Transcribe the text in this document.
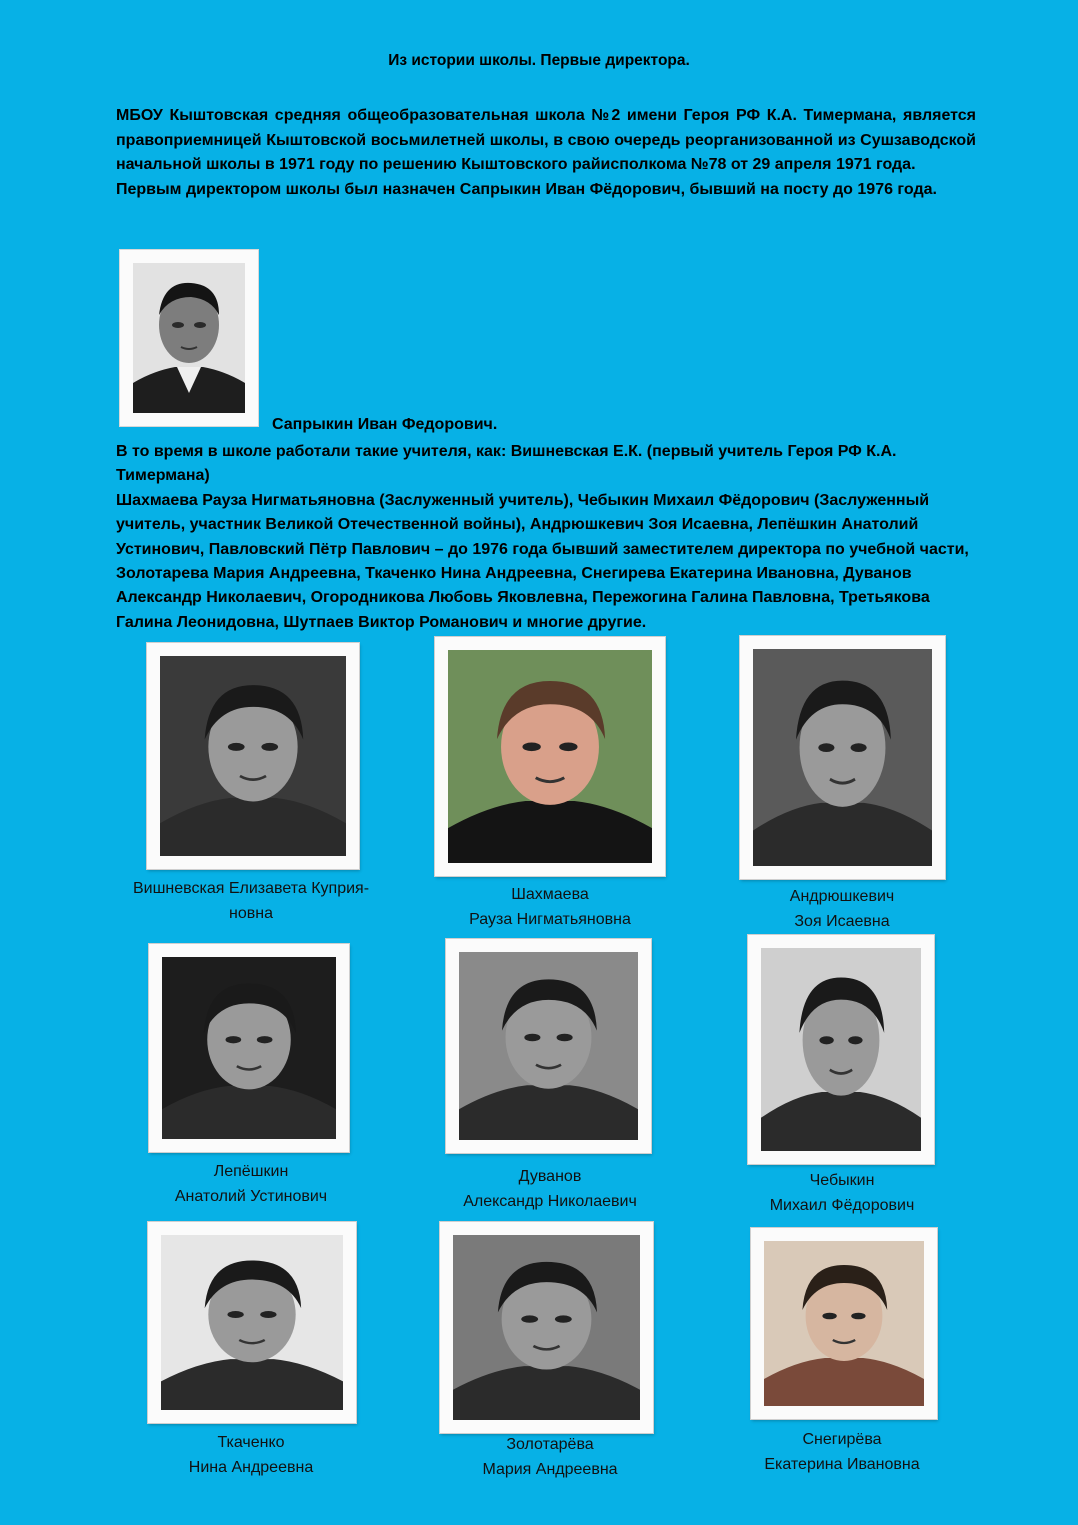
Из истории школы. Первые директора.

МБОУ Кыштовская средняя общеобразовательная школа №2 имени Героя РФ К.А. Тимермана, является правоприемницей Кыштовской восьмилетней школы, в свою очередь реорганизованной из Сушзаводской начальной школы в 1971 году по решению Кыштовского райисполкома №78 от 29 апреля 1971 года.

Первым директором школы был назначен Сапрыкин Иван Фёдорович, бывший на посту до 1976 года.

Сапрыкин Иван Федорович.

В то время в школе работали такие учителя, как: Вишневская Е.К. (первый учитель Героя РФ К.А. Тимермана)

Шахмаева Рауза Нигматьяновна (Заслуженный учитель), Чебыкин Михаил Фёдорович (Заслуженный учитель, участник Великой Отечественной войны), Андрюшкевич Зоя Исаевна, Лепёшкин Анатолий Устинович, Павловский Пётр Павлович – до 1976 года бывший заместителем директора по учебной части, Золотарева Мария Андреевна, Ткаченко Нина Андреевна, Снегирева Екатерина Ивановна, Дуванов Александр Николаевич, Огородникова Любовь Яковлевна, Пережогина Галина Павловна, Третьякова Галина Леонидовна, Шутпаев Виктор Романович и многие другие.

Вишневская Елизавета Куприя-
новна
Шахмаева
Рауза Нигматьяновна
Андрюшкевич
Зоя Исаевна
Лепёшкин
Анатолий Устинович
Дуванов
Александр Николаевич
Чебыкин
Михаил Фёдорович
Ткаченко
Нина Андреевна
Золотарёва
Мария Андреевна
Снегирёва
Екатерина Ивановна
